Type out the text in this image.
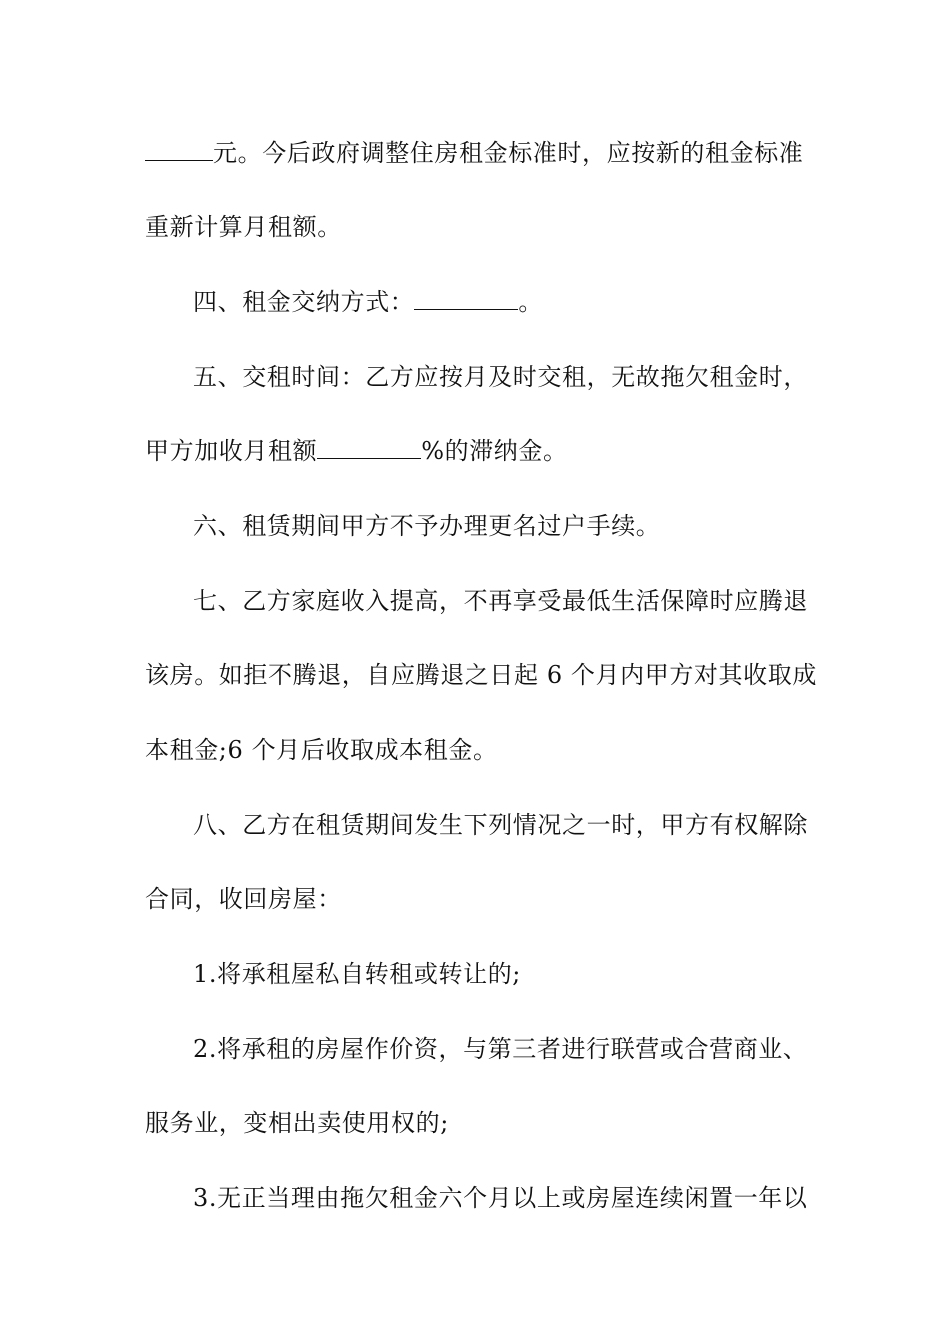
元。今后政府调整住房租金标准时，应按新的租金标准
重新计算月租额。
四、租金交纳方式：	。
五、交租时间：乙方应按月及时交租，无故拖欠租金时，
甲方加收月租额	%的滞纳金。
六、租赁期间甲方不予办理更名过户手续。
七、乙方家庭收入提高，不再享受最低生活保障时应腾退
该房。如拒不腾退，自应腾退之日起 6 个月内甲方对其收取成
本租金;6 个月后收取成本租金。
八、乙方在租赁期间发生下列情况之一时，甲方有权解除
合同，收回房屋：
1.将承租屋私自转租或转让的;
2.将承租的房屋作价资，与第三者进行联营或合营商业、
服务业，变相出卖使用权的;
3.无正当理由拖欠租金六个月以上或房屋连续闲置一年以
